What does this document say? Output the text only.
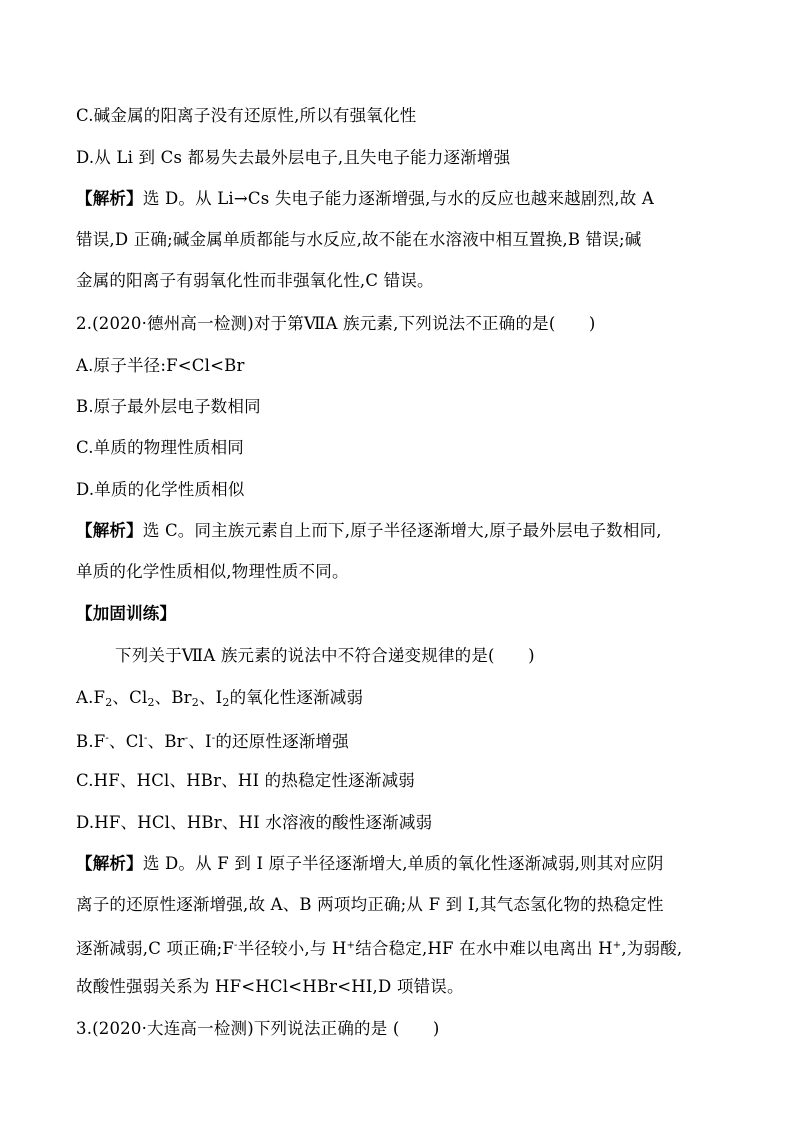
C.碱金属的阳离子没有还原性,所以有强氧化性
D.从 Li 到 Cs 都易失去最外层电子,且失电子能力逐渐增强
【解析】选 D。从 Li→Cs 失电子能力逐渐增强,与水的反应也越来越剧烈,故 A
错误,D 正确;碱金属单质都能与水反应,故不能在水溶液中相互置换,B 错误;碱
金属的阳离子有弱氧化性而非强氧化性,C 错误。
2.(2020·德州高一检测)对于第ⅦA 族元素,下列说法不正确的是(　　)
A.原子半径:F<Cl<Br
B.原子最外层电子数相同
C.单质的物理性质相同
D.单质的化学性质相似
【解析】选 C。同主族元素自上而下,原子半径逐渐增大,原子最外层电子数相同,
单质的化学性质相似,物理性质不同。
【加固训练】
下列关于ⅦA 族元素的说法中不符合递变规律的是(　　)
$A.F_2$、$Cl_2$、$Br_2$、$I_2$的氧化性逐渐减弱
B.F-、Cl-、Br-、I-的还原性逐渐增强
C.HF、HCl、HBr、HI 的热稳定性逐渐减弱
D.HF、HCl、HBr、HI 水溶液的酸性逐渐减弱
【解析】选 D。从 F 到 I 原子半径逐渐增大,单质的氧化性逐渐减弱,则其对应阴
离子的还原性逐渐增强,故 A、B 两项均正确;从 F 到 I,其气态氢化物的热稳定性
逐渐减弱,C 项正确;F-半径较小,与 H+结合稳定,HF 在水中难以电离出 H+,为弱酸,
故酸性强弱关系为 HF<HCl<HBr<HI,D 项错误。
3.(2020·大连高一检测)下列说法正确的是 (　　)
